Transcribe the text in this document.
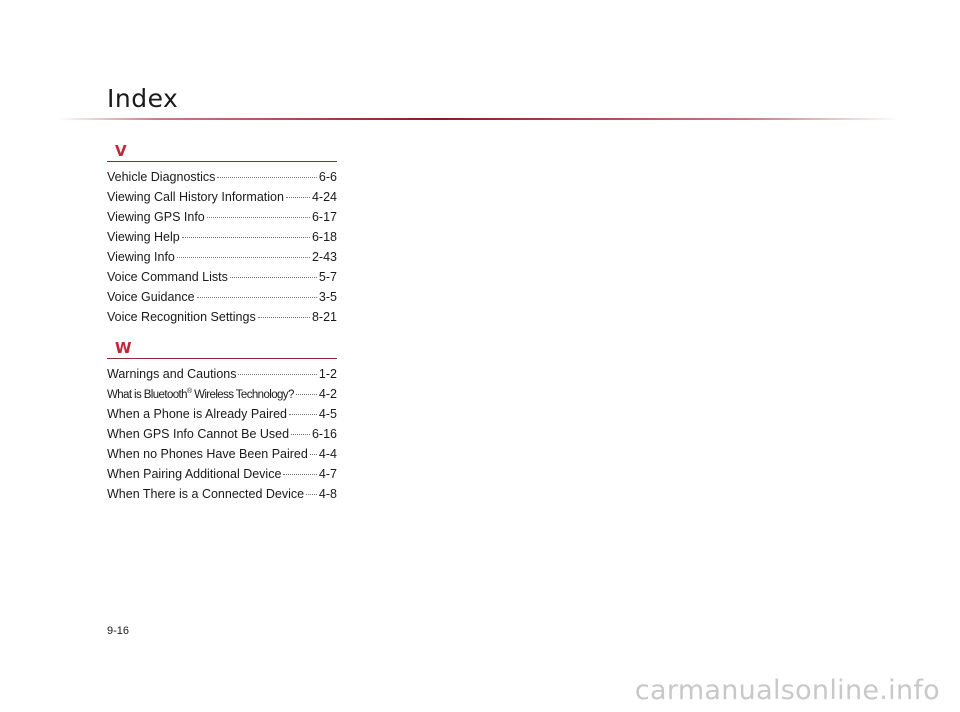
Index
V
Vehicle Diagnostics	6-6
Viewing Call History Information 4-24
Viewing GPS Info	6-17
Viewing Help	6-18
Viewing Info	2-43
Voice Command Lists	5-7
Voice Guidance	3-5
Voice Recognition Settings	8-21
W
Warnings and Cautions	1-2
What is Bluetooth® Wireless Technology? 4-2
When a Phone is Already Paired	4-5
When GPS Info Cannot Be Used 6-16
When no Phones Have Been Paired 4-4
When Pairing Additional Device	4-7
When There is a Connected Device 4-8
9-16
carmanualsonline.info
